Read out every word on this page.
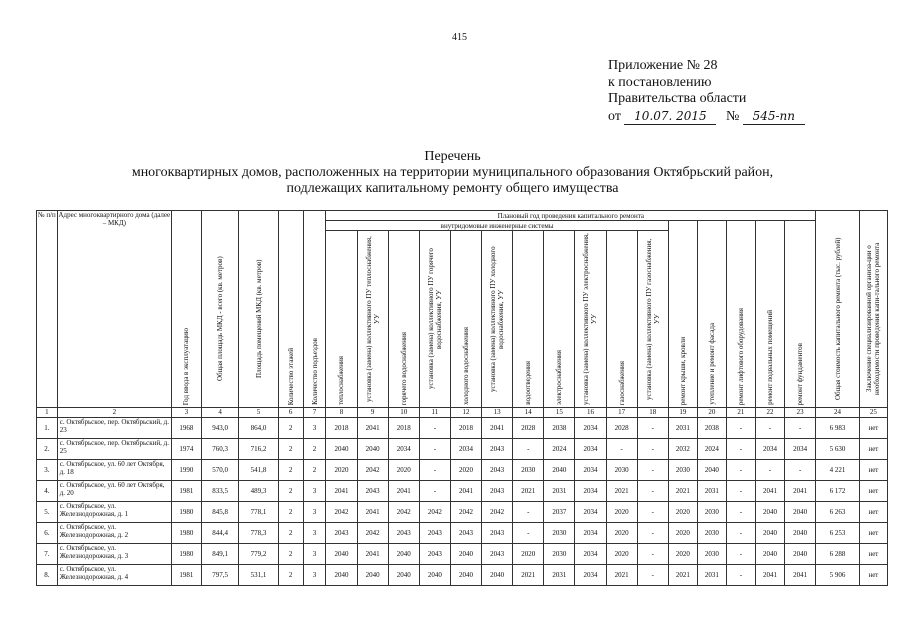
415
Приложение № 28
к постановлению
Правительства области
от 10.07. 2015 № 545-пп
Перечень
многоквартирных домов, расположенных на территории муниципального образования Октябрьский район,
подлежащих капитальному ремонту общего имущества
№ п/п	Адрес многоквартирного дома (далее – МКД)	Год ввода в эксплуатацию	Общая площадь МКД - всего (кв. метров)	Площадь помещений МКД (кв. метров)	Количество этажей	Количество подъездов	Плановый год проведения капитального ремонта																Общая стоимость капитального ремонта (тыс. рублей)	Заключение специализированной организа-ции о необходимости проведения капи-тального ремонта
							внутридомовые инженерные системы											ремонт крыши, кровли	утепление и ремонт фасада	ремонт лифтового оборудования	ремонт подвальных помещений	ремонт фундаментов		
							теплоснабжения	установка (замена) коллективного ПУ теплоснабжения, УУ	горячего водоснабжения	установка (замена) коллективного ПУ горячего водоснабжения, УУ	холодного водоснабжения	установка (замена) коллективного ПУ холодного водоснабжения, УУ	водоотведения	электроснабжения	установка (замена) коллективного ПУ электроснабжения, УУ	газоснабжения	установка (замена) коллективного ПУ газоснабжения, УУ							
1	2	3	4	5	6	7	8	9	10	11	12	13	14	15	16	17	18	19	20	21	22	23	24	25
1.	с. Октябрьское, пер. Октябрьский, д. 23	1968	943,0	864,0	2	3	2018	2041	2018	-	2018	2041	2028	2038	2034	2028	-	2031	2038	-	-	-	6 983	нет
2.	с. Октябрьское, пер. Октябрьский, д. 25	1974	760,3	716,2	2	2	2040	2040	2034	-	2034	2043	-	2024	2034	-	-	2032	2024	-	2034	2034	5 630	нет
3.	с. Октябрьское, ул. 60 лет Октября, д. 18	1990	570,0	541,8	2	2	2020	2042	2020	-	2020	2043	2030	2040	2034	2030	-	2030	2040	-	-	-	4 221	нет
4.	с. Октябрьское, ул. 60 лет Октября, д. 20	1981	833,5	489,3	2	3	2041	2043	2041	-	2041	2043	2021	2031	2034	2021	-	2021	2031	-	2041	2041	6 172	нет
5.	с. Октябрьское, ул. Железнодорожная, д. 1	1980	845,8	778,1	2	3	2042	2041	2042	2042	2042	2042	-	2037	2034	2020	-	2020	2030	-	2040	2040	6 263	нет
6.	с. Октябрьское, ул. Железнодорожная, д. 2	1980	844,4	778,3	2	3	2043	2042	2043	2043	2043	2043	-	2030	2034	2020	-	2020	2030	-	2040	2040	6 253	нет
7.	с. Октябрьское, ул. Железнодорожная, д. 3	1980	849,1	779,2	2	3	2040	2041	2040	2043	2040	2043	2020	2030	2034	2020	-	2020	2030	-	2040	2040	6 288	нет
8.	с. Октябрьское, ул. Железнодорожная, д. 4	1981	797,5	531,1	2	3	2040	2040	2040	2040	2040	2040	2021	2031	2034	2021	-	2021	2031	-	2041	2041	5 906	нет
